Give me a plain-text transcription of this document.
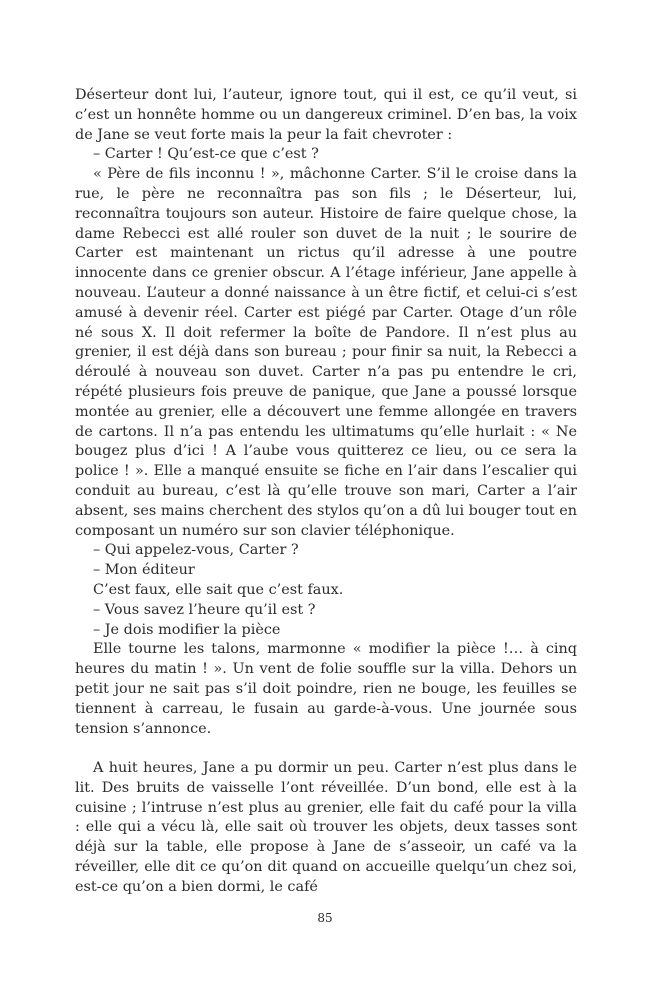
Déserteur dont lui, l’auteur, ignore tout, qui il est, ce qu’il veut, si c’est un honnête homme ou un dangereux criminel. D’en bas, la voix de Jane se veut forte mais la peur la fait chevroter :

– Carter ! Qu’est-ce que c’est ?

« Père de fils inconnu ! », mâchonne Carter. S’il le croise dans la rue, le père ne reconnaîtra pas son fils ; le Déserteur, lui, reconnaîtra toujours son auteur. Histoire de faire quelque chose, la dame Rebecci est allé rouler son duvet de la nuit ; le sourire de Carter est maintenant un rictus qu’il adresse à une poutre innocente dans ce grenier obscur. A l’étage inférieur, Jane appelle à nouveau. L’auteur a donné naissance à un être fictif, et celui-ci s’est amusé à devenir réel. Carter est piégé par Carter. Otage d’un rôle né sous X. Il doit refermer la boîte de Pandore. Il n’est plus au grenier, il est déjà dans son bureau ; pour finir sa nuit, la Rebecci a déroulé à nouveau son duvet. Carter n’a pas pu entendre le cri, répété plusieurs fois preuve de panique, que Jane a poussé lorsque montée au grenier, elle a découvert une femme allongée en travers de cartons. Il n’a pas entendu les ultimatums qu’elle hurlait : « Ne bougez plus d’ici ! A l’aube vous quitterez ce lieu, ou ce sera la police ! ». Elle a manqué ensuite se fiche en l’air dans l’escalier qui conduit au bureau, c’est là qu’elle trouve son mari, Carter a l’air absent, ses mains cherchent des stylos qu’on a dû lui bouger tout en composant un numéro sur son clavier téléphonique.

– Qui appelez-vous, Carter ?

– Mon éditeur

C’est faux, elle sait que c’est faux.

– Vous savez l’heure qu’il est ?

– Je dois modifier la pièce

Elle tourne les talons, marmonne « modifier la pièce !… à cinq heures du matin ! ». Un vent de folie souffle sur la villa. Dehors un petit jour ne sait pas s’il doit poindre, rien ne bouge, les feuilles se tiennent à carreau, le fusain au garde-à-vous. Une journée sous tension s’annonce.

A huit heures, Jane a pu dormir un peu. Carter n’est plus dans le lit. Des bruits de vaisselle l’ont réveillée. D’un bond, elle est à la cuisine ; l’intruse n’est plus au grenier, elle fait du café pour la villa : elle qui a vécu là, elle sait où trouver les objets, deux tasses sont déjà sur la table, elle propose à Jane de s’asseoir, un café va la réveiller, elle dit ce qu’on dit quand on accueille quelqu’un chez soi, est-ce qu’on a bien dormi, le café

85
